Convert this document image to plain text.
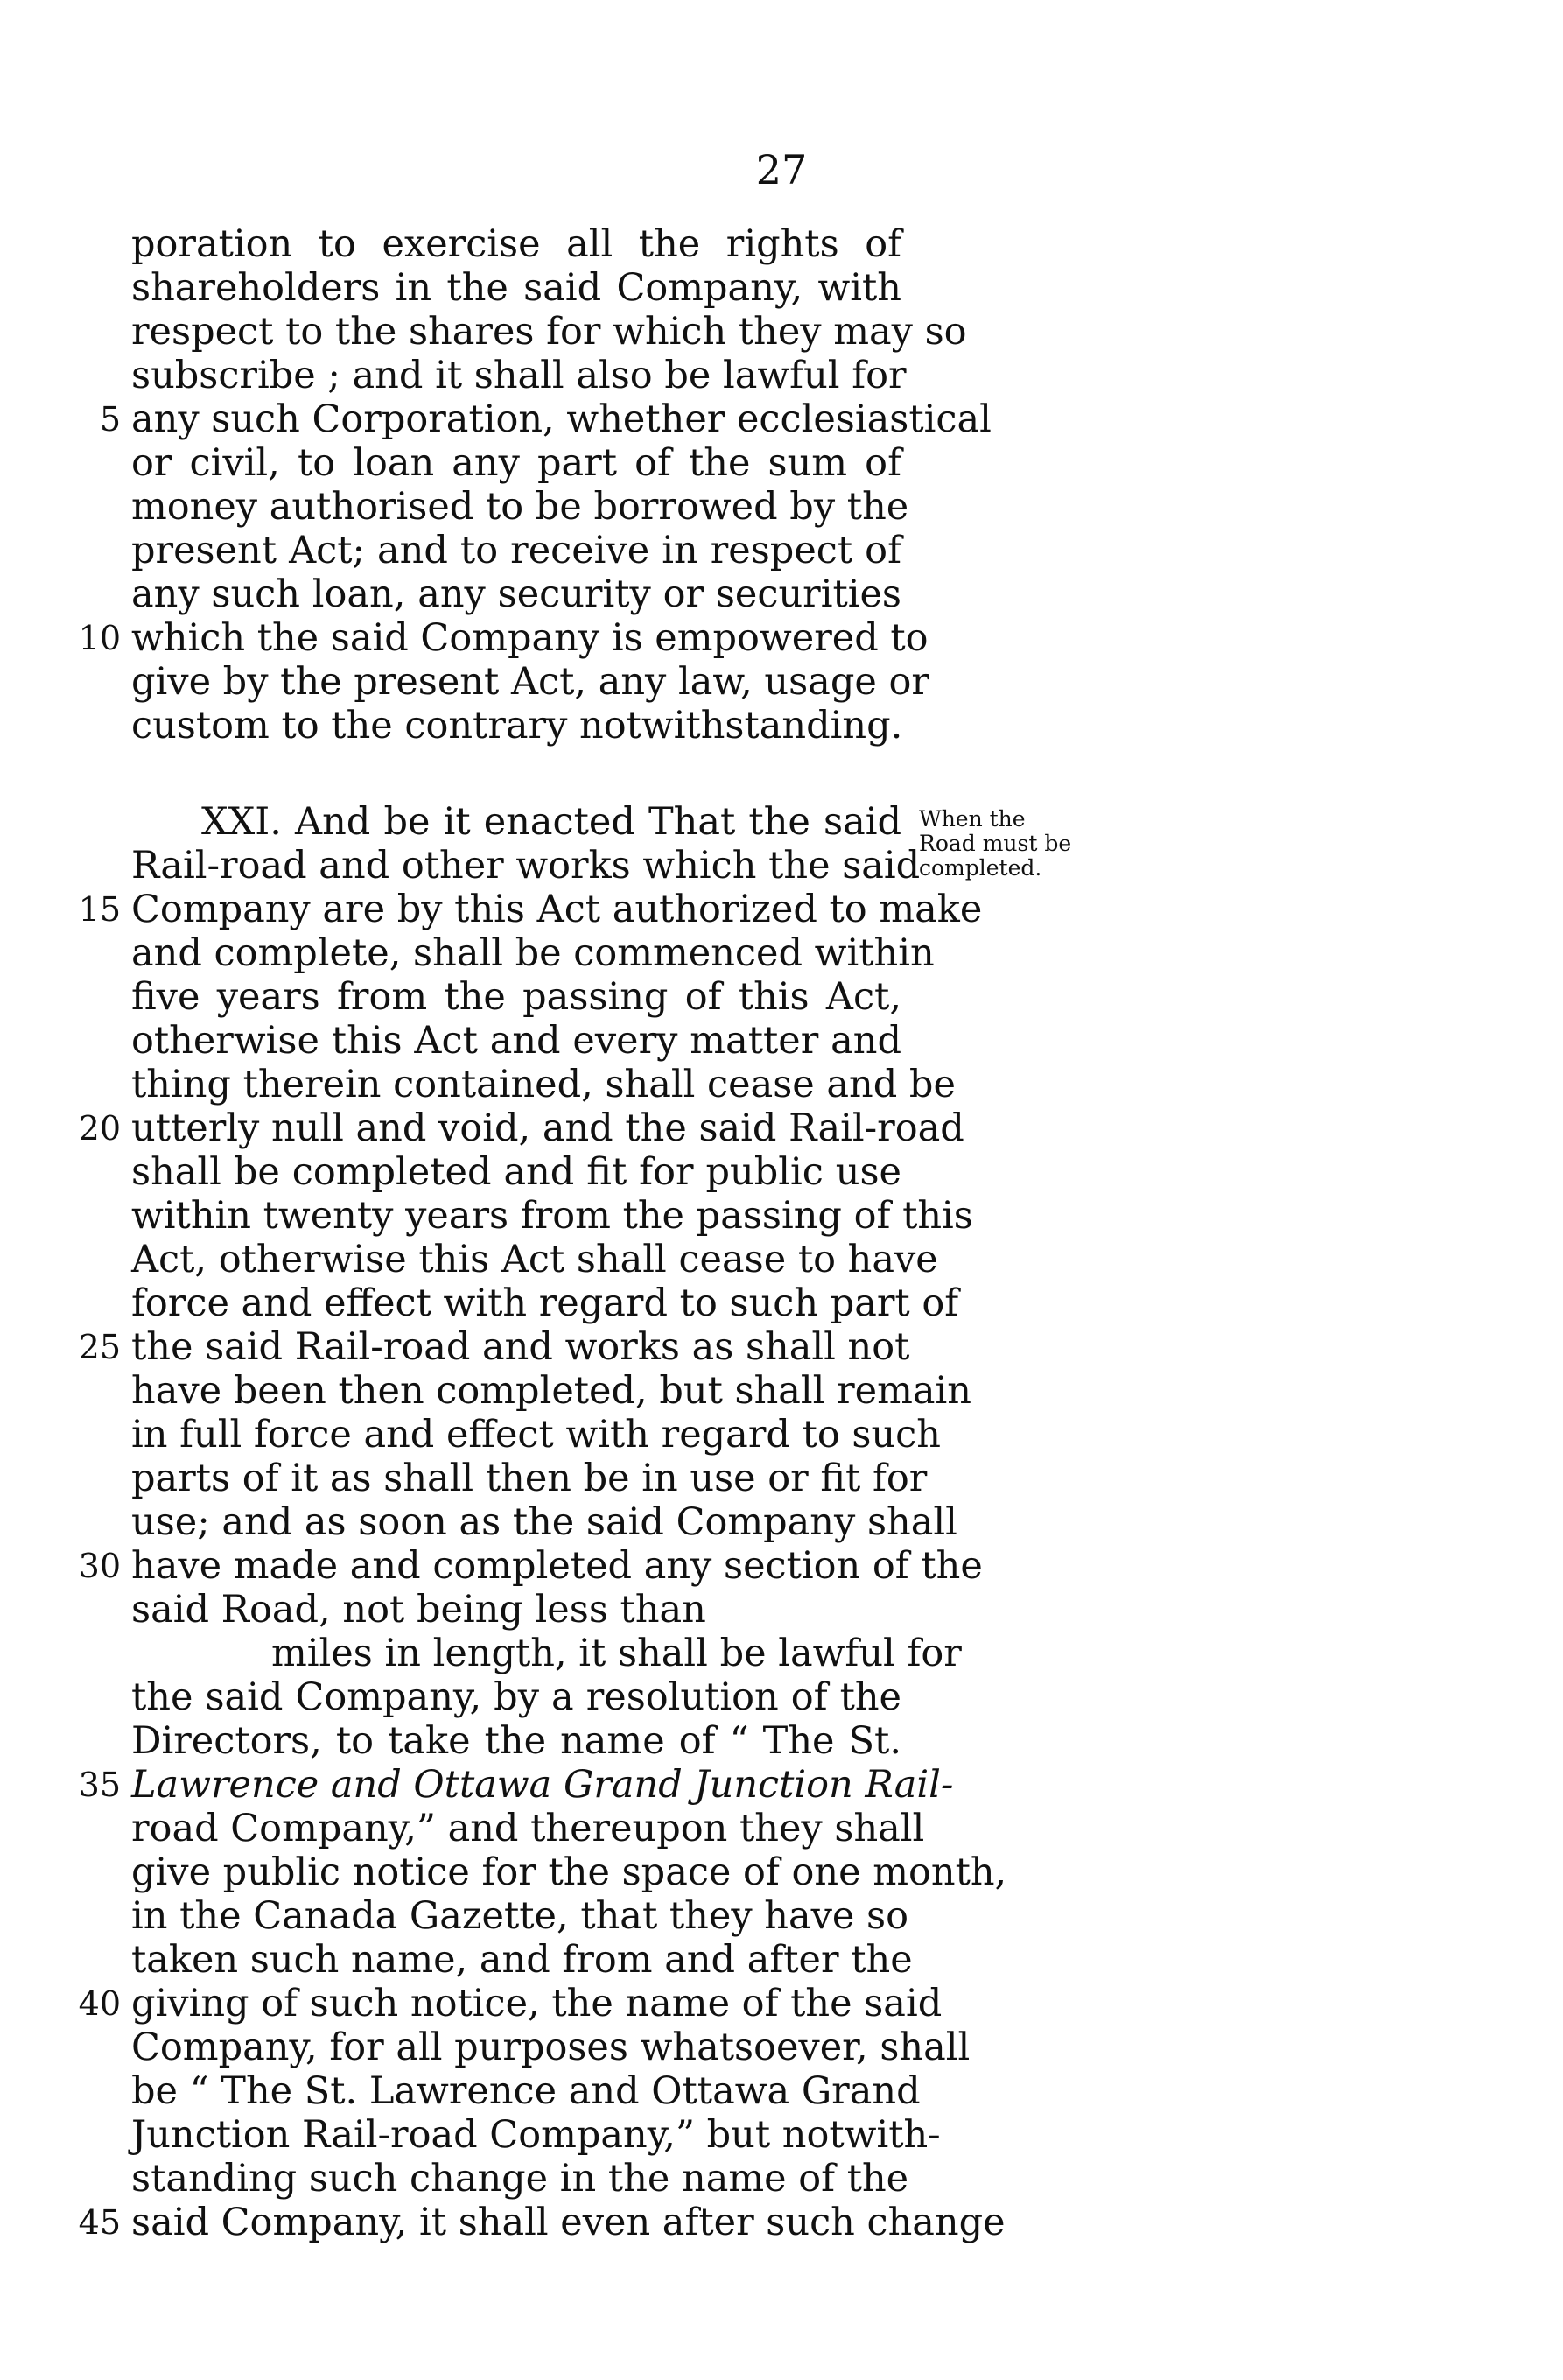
27
When the
Road must be
completed.
poration to exercise all the rights of
shareholders in the said Company, with
respect to the shares for which they may so
subscribe ; and it shall also be lawful for
5 any such Corporation, whether ecclesiastical
or civil, to loan any part of the sum of
money authorised to be borrowed by the
present Act; and to receive in respect of
any such loan, any security or securities
10 which the said Company is empowered to
give by the present Act, any law, usage or
custom to the contrary notwithstanding.
XXI. And be it enacted That the said
Rail-road and other works which the said
15 Company are by this Act authorized to make
and complete, shall be commenced within
five years from the passing of this Act,
otherwise this Act and every matter and
thing therein contained, shall cease and be
20 utterly null and void, and the said Rail-road
shall be completed and fit for public use
within twenty years from the passing of this
Act, otherwise this Act shall cease to have
force and effect with regard to such part of
25 the said Rail-road and works as shall not
have been then completed, but shall remain
in full force and effect with regard to such
parts of it as shall then be in use or fit for
use; and as soon as the said Company shall
30 have made and completed any section of the
said Road, not being less than
miles in length, it shall be lawful for
the said Company, by a resolution of the
Directors, to take the name of “ The St.
35 Lawrence and Ottawa Grand Junction Rail-
road Company,” and thereupon they shall
give public notice for the space of one month,
in the Canada Gazette, that they have so
taken such name, and from and after the
40 giving of such notice, the name of the said
Company, for all purposes whatsoever, shall
be “ The St. Lawrence and Ottawa Grand
Junction Rail-road Company,” but notwith-
standing such change in the name of the
45 said Company, it shall even after such change
